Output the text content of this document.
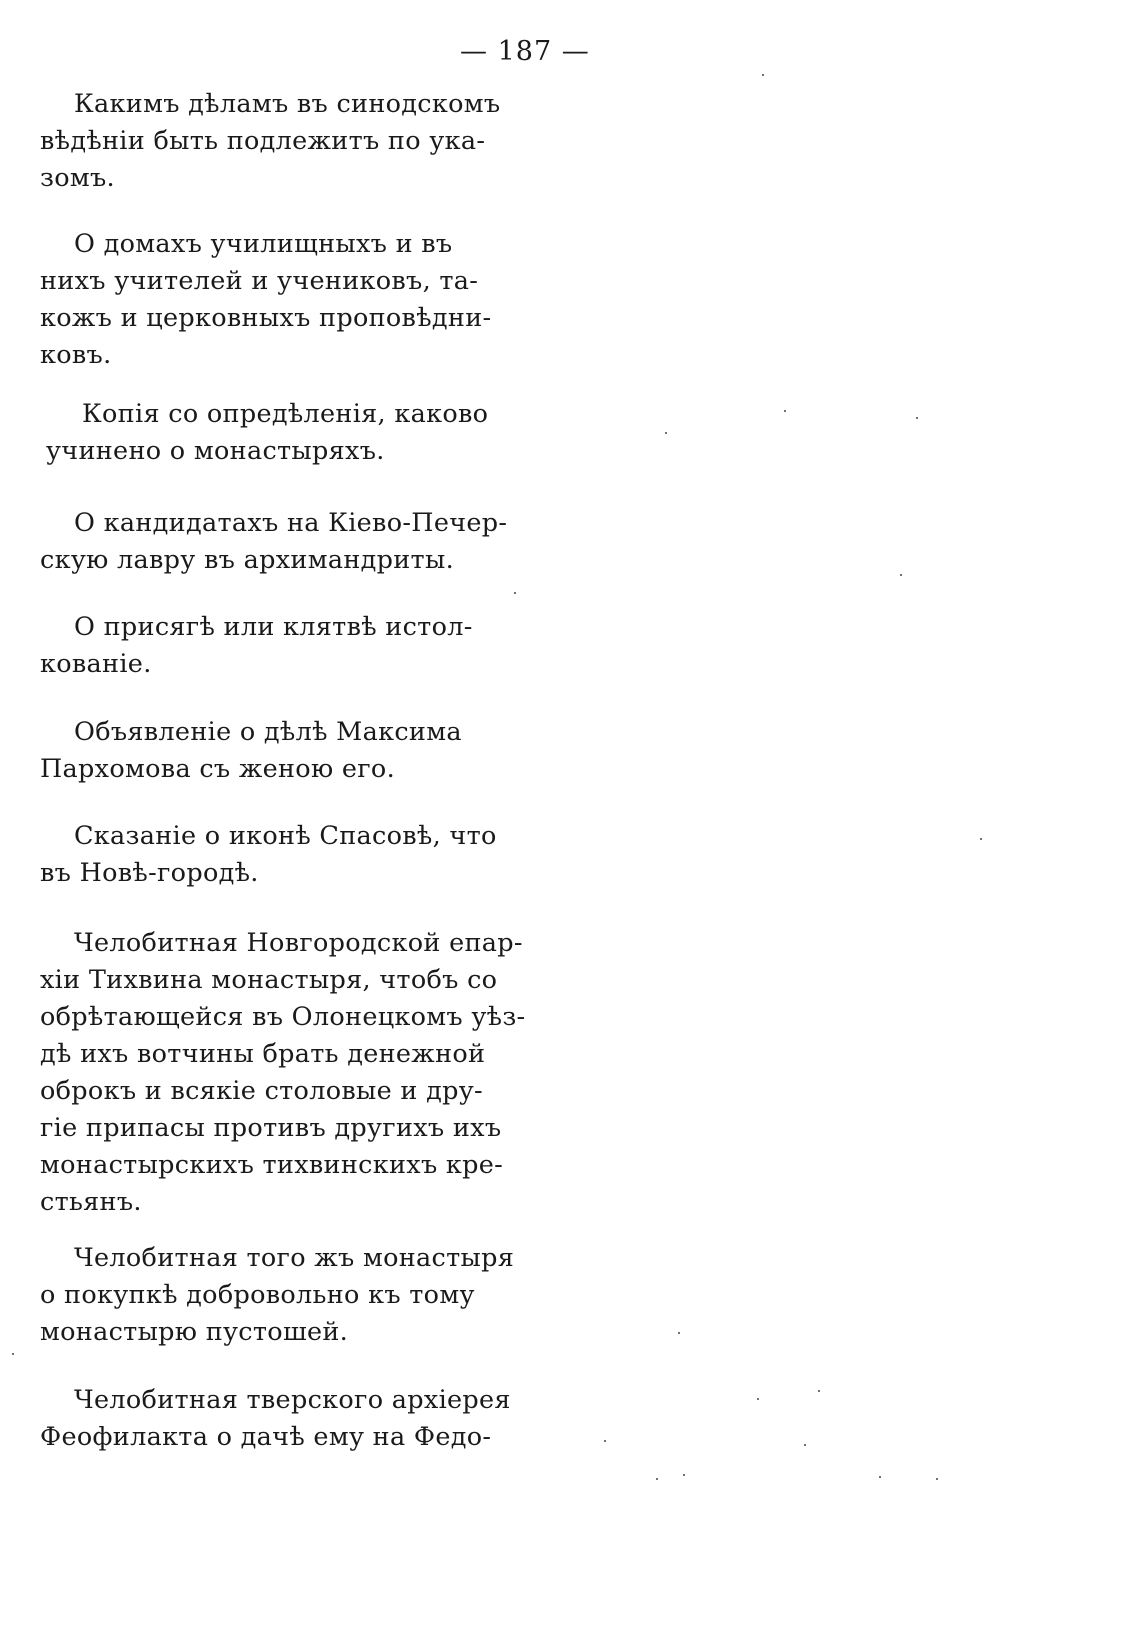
— 187 —
Какимъ дѣламъ въ синодскомъ
вѣдѣніи быть подлежитъ по ука-
зомъ.
О домахъ училищныхъ и въ
нихъ учителей и учениковъ, та-
кожъ и церковныхъ проповѣдни-
ковъ.
Копія со опредѣленія, каково
учинено о монастыряхъ.
О кандидатахъ на Кіево-Печер-
скую лавру въ архимандриты.
О присягѣ или клятвѣ истол-
кованіе.
Объявленіе о дѣлѣ Максима
Пархомова съ женою его.
Сказаніе о иконѣ Спасовѣ, что
въ Новѣ-городѣ.
Челобитная Новгородской епар-
хіи Тихвина монастыря, чтобъ со
обрѣтающейся въ Олонецкомъ уѣз-
дѣ ихъ вотчины брать денежной
оброкъ и всякіе столовые и дру-
гіе припасы противъ другихъ ихъ
монастырскихъ тихвинскихъ кре-
стьянъ.
Челобитная того жъ монастыря
о покупкѣ добровольно къ тому
монастырю пустошей.
Челобитная тверского архіерея
Феофилакта о дачѣ ему на Федо-
